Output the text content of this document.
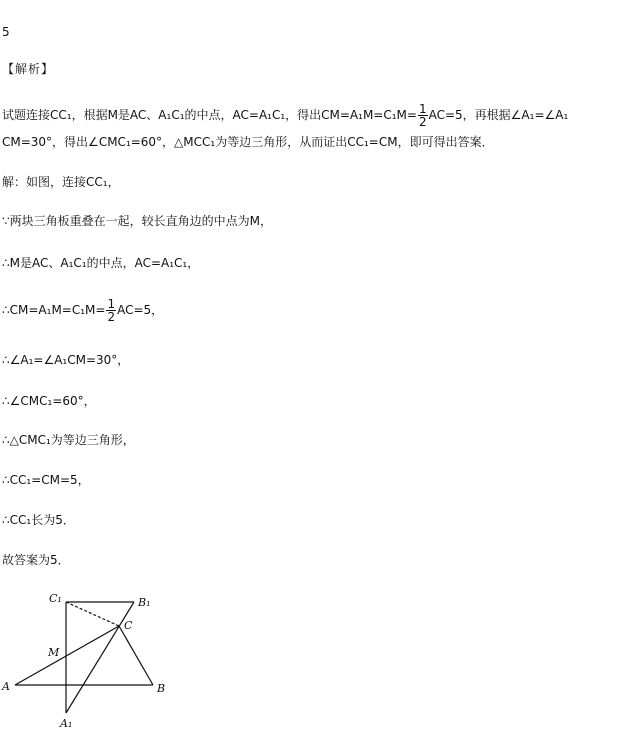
5
【解析】
试题连接CC₁，根据M是AC、A₁C₁的中点，AC=A₁C₁，得出$CM=A_1M=C_1M= \frac{1}{2} AC=5$，再根据∠A₁=∠A₁
CM=30°，得出∠CMC₁=60°，△MCC₁为等边三角形，从而证出CC₁=CM，即可得出答案．
解：如图，连接CC₁，
∵两块三角板重叠在一起，较长直角边的中点为M，
∴M是AC、A₁C₁的中点，AC=A₁C₁，
∴CM=A₁M=C₁M= $\frac{1}{2} AC=5$，
∴∠A₁=∠A₁CM=30°，
∴∠CMC₁=60°，
∴△CMC₁为等边三角形，
∴CC₁=CM=5，
∴CC₁长为5．
故答案为5．
C₁	B₁
C
M
A	B
A₁
